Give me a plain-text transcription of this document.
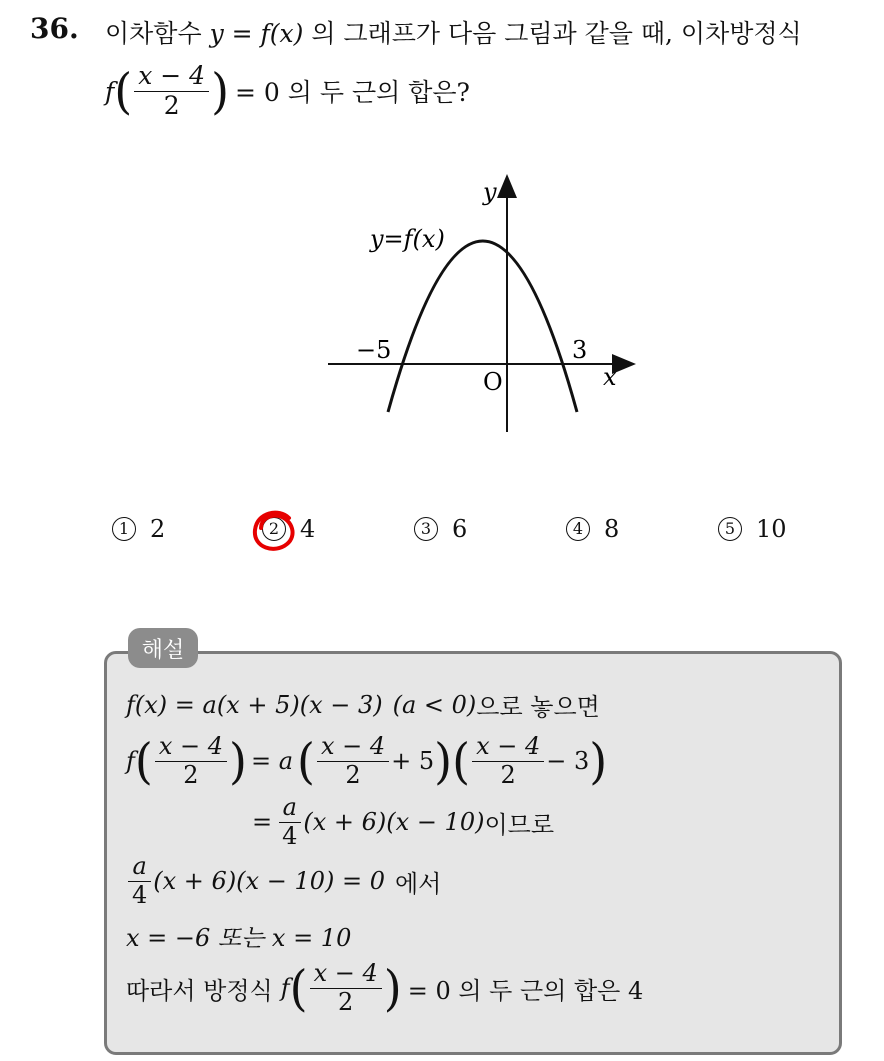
36. 이차함수 y = f(x) 의 그래프가 다음 그림과 같을 때, 이차방정식
f ( $\frac{x - 4}{2}$ ) = 0 의 두 근의 합은?
y
x
y=f(x)
O
−5	3
1 2	2 4	3 6	4 8	5 10
해설
f(x) = a(x + 5)(x − 3) (a < 0) 으로 놓으면
f ( $\frac{x - 4}{2}$ ) = a ( $\frac{x - 4}{2} + 5$ ) ( $\frac{x - 4}{2} - 3$ )
= $\frac{a}{4} (x + 6)(x - 10)$ 이므로
$\frac{a}{4} (x + 6)(x - 10) = 0$ 에서
x = −6 또는 x = 10
따라서 방정식 f ( $\frac{x - 4}{2}$ ) = 0 의 두 근의 합은 4
